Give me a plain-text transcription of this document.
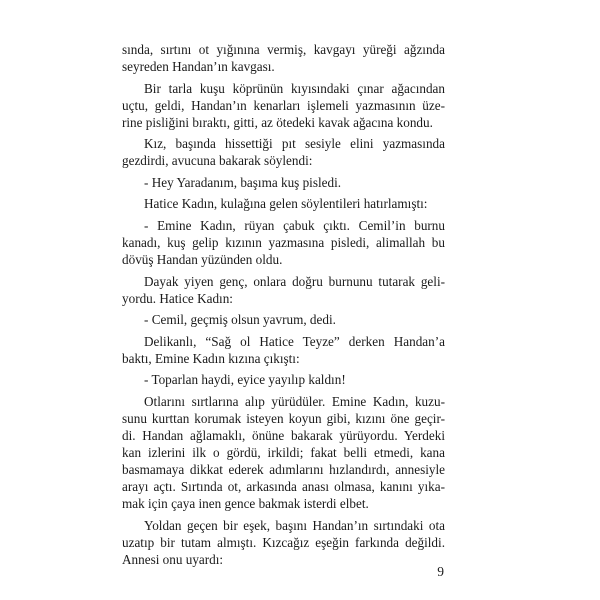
sında, sırtını ot yığınına vermiş, kavgayı yüreği ağzında
seyreden Handan’ın kavgası.
Bir tarla kuşu köprünün kıyısındaki çınar ağacından
uçtu, geldi, Handan’ın kenarları işlemeli yazmasının üze-
rine pisliğini bıraktı, gitti, az ötedeki kavak ağacına kondu.
Kız, başında hissettiği pıt sesiyle elini yazmasında
gezdirdi, avucuna bakarak söylendi:
- Hey Yaradanım, başıma kuş pisledi.
Hatice Kadın, kulağına gelen söylentileri hatırlamıştı:
- Emine Kadın, rüyan çabuk çıktı. Cemil’in burnu
kanadı, kuş gelip kızının yazmasına pisledi, alimallah bu
dövüş Handan yüzünden oldu.
Dayak yiyen genç, onlara doğru burnunu tutarak geli-
yordu. Hatice Kadın:
- Cemil, geçmiş olsun yavrum, dedi.
Delikanlı, “Sağ ol Hatice Teyze” derken Handan’a
baktı, Emine Kadın kızına çıkıştı:
- Toparlan haydi, eyice yayılıp kaldın!
Otlarını sırtlarına alıp yürüdüler. Emine Kadın, kuzu-
sunu kurttan korumak isteyen koyun gibi, kızını öne geçir-
di. Handan ağlamaklı, önüne bakarak yürüyordu. Yerdeki
kan izlerini ilk o gördü, irkildi; fakat belli etmedi, kana
basmamaya dikkat ederek adımlarını hızlandırdı, annesiyle
arayı açtı. Sırtında ot, arkasında anası olmasa, kanını yıka-
mak için çaya inen gence bakmak isterdi elbet.
Yoldan geçen bir eşek, başını Handan’ın sırtındaki ota
uzatıp bir tutam almıştı. Kızcağız eşeğin farkında değildi.
Annesi onu uyardı:
9
